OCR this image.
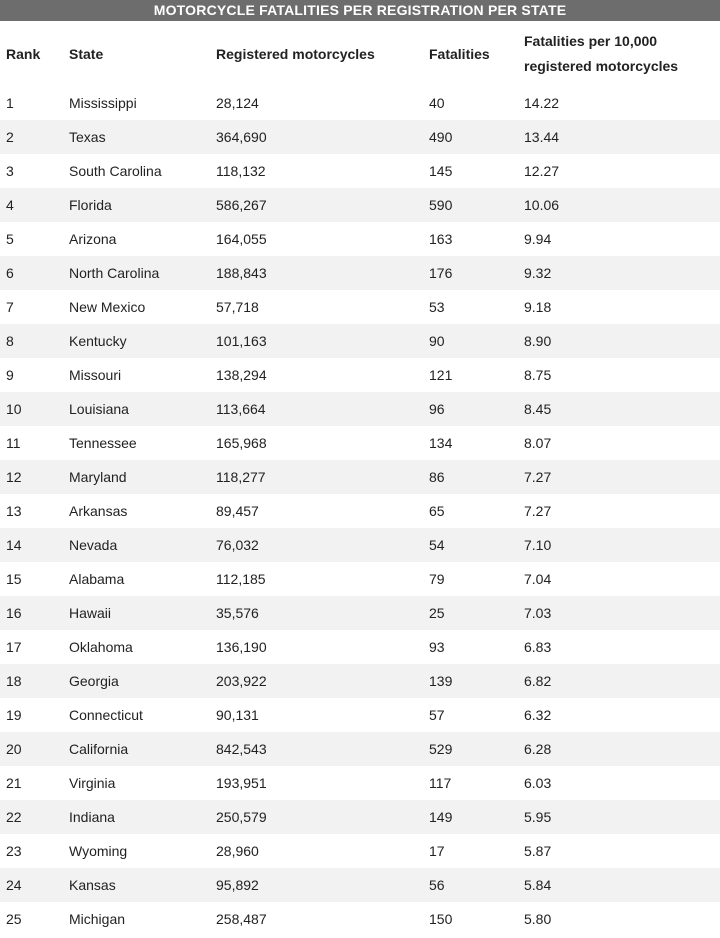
MOTORCYCLE FATALITIES PER REGISTRATION PER STATE
Rank	State	Registered motorcycles	Fatalities	Fatalities per 10,000 registered motorcycles
1	Mississippi	28,124	40	14.22
2	Texas	364,690	490	13.44
3	South Carolina	118,132	145	12.27
4	Florida	586,267	590	10.06
5	Arizona	164,055	163	9.94
6	North Carolina	188,843	176	9.32
7	New Mexico	57,718	53	9.18
8	Kentucky	101,163	90	8.90
9	Missouri	138,294	121	8.75
10	Louisiana	113,664	96	8.45
11	Tennessee	165,968	134	8.07
12	Maryland	118,277	86	7.27
13	Arkansas	89,457	65	7.27
14	Nevada	76,032	54	7.10
15	Alabama	112,185	79	7.04
16	Hawaii	35,576	25	7.03
17	Oklahoma	136,190	93	6.83
18	Georgia	203,922	139	6.82
19	Connecticut	90,131	57	6.32
20	California	842,543	529	6.28
21	Virginia	193,951	117	6.03
22	Indiana	250,579	149	5.95
23	Wyoming	28,960	17	5.87
24	Kansas	95,892	56	5.84
25	Michigan	258,487	150	5.80
